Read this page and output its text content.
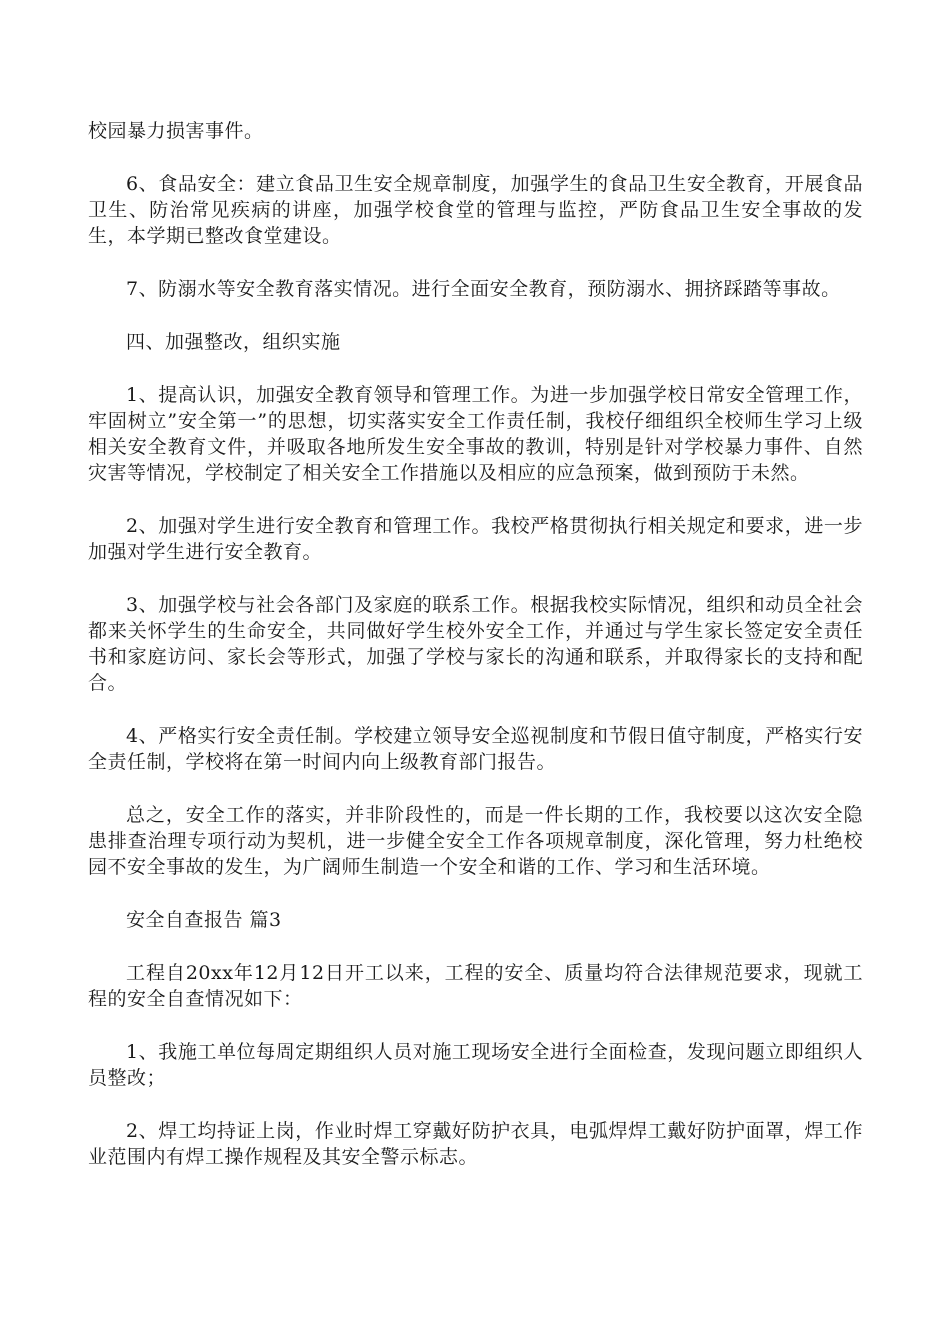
校园暴力损害事件。

6、食品安全：建立食品卫生安全规章制度，加强学生的食品卫生安全教育，开展食品卫生、防治常见疾病的讲座，加强学校食堂的管理与监控，严防食品卫生安全事故的发生，本学期已整改食堂建设。

7、防溺水等安全教育落实情况。进行全面安全教育，预防溺水、拥挤踩踏等事故。

四、加强整改，组织实施

1、提高认识，加强安全教育领导和管理工作。为进一步加强学校日常安全管理工作，牢固树立”安全第一”的思想，切实落实安全工作责任制，我校仔细组织全校师生学习上级相关安全教育文件，并吸取各地所发生安全事故的教训，特别是针对学校暴力事件、自然灾害等情况，学校制定了相关安全工作措施以及相应的应急预案，做到预防于未然。

2、加强对学生进行安全教育和管理工作。我校严格贯彻执行相关规定和要求，进一步加强对学生进行安全教育。

3、加强学校与社会各部门及家庭的联系工作。根据我校实际情况，组织和动员全社会都来关怀学生的生命安全，共同做好学生校外安全工作，并通过与学生家长签定安全责任书和家庭访问、家长会等形式，加强了学校与家长的沟通和联系，并取得家长的支持和配合。

4、严格实行安全责任制。学校建立领导安全巡视制度和节假日值守制度，严格实行安全责任制，学校将在第一时间内向上级教育部门报告。

总之，安全工作的落实，并非阶段性的，而是一件长期的工作，我校要以这次安全隐患排查治理专项行动为契机，进一步健全安全工作各项规章制度，深化管理，努力杜绝校园不安全事故的发生，为广阔师生制造一个安全和谐的工作、学习和生活环境。

安全自查报告 篇3

工程自20xx年12月12日开工以来，工程的安全、质量均符合法律规范要求，现就工程的安全自查情况如下：

1、我施工单位每周定期组织人员对施工现场安全进行全面检查，发现问题立即组织人员整改；

2、焊工均持证上岗，作业时焊工穿戴好防护衣具，电弧焊焊工戴好防护面罩，焊工作业范围内有焊工操作规程及其安全警示标志。
